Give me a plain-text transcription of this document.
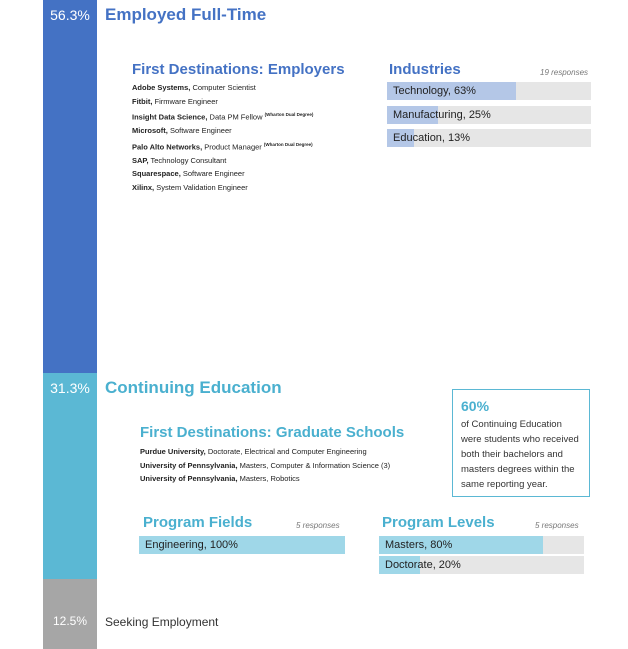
56.3%
31.3%
12.5%
Employed Full-Time
First Destinations: Employers
Adobe Systems, Computer Scientist
Fitbit, Firmware Engineer
Insight Data Science, Data PM Fellow $^{(Wharton Dual Degree)}$
Microsoft, Software Engineer
Palo Alto Networks, Product Manager $^{(Wharton Dual Degree)}$
SAP, Technology Consultant
Squarespace, Software Engineer
Xilinx, System Validation Engineer
Industries	19 responses
Technology, 63%
Manufacturing, 25%
Education, 13%
Continuing Education
First Destinations: Graduate Schools
Purdue University, Doctorate, Electrical and Computer Engineering
University of Pennsylvania, Masters, Computer & Information Science (3)
University of Pennsylvania, Masters, Robotics
60%
of Continuing Education were students who received both their bachelors and masters degrees within the same reporting year.
Program Fields	5 responses
Engineering, 100%
Program Levels	5 responses
Masters, 80%
Doctorate, 20%
Seeking Employment
